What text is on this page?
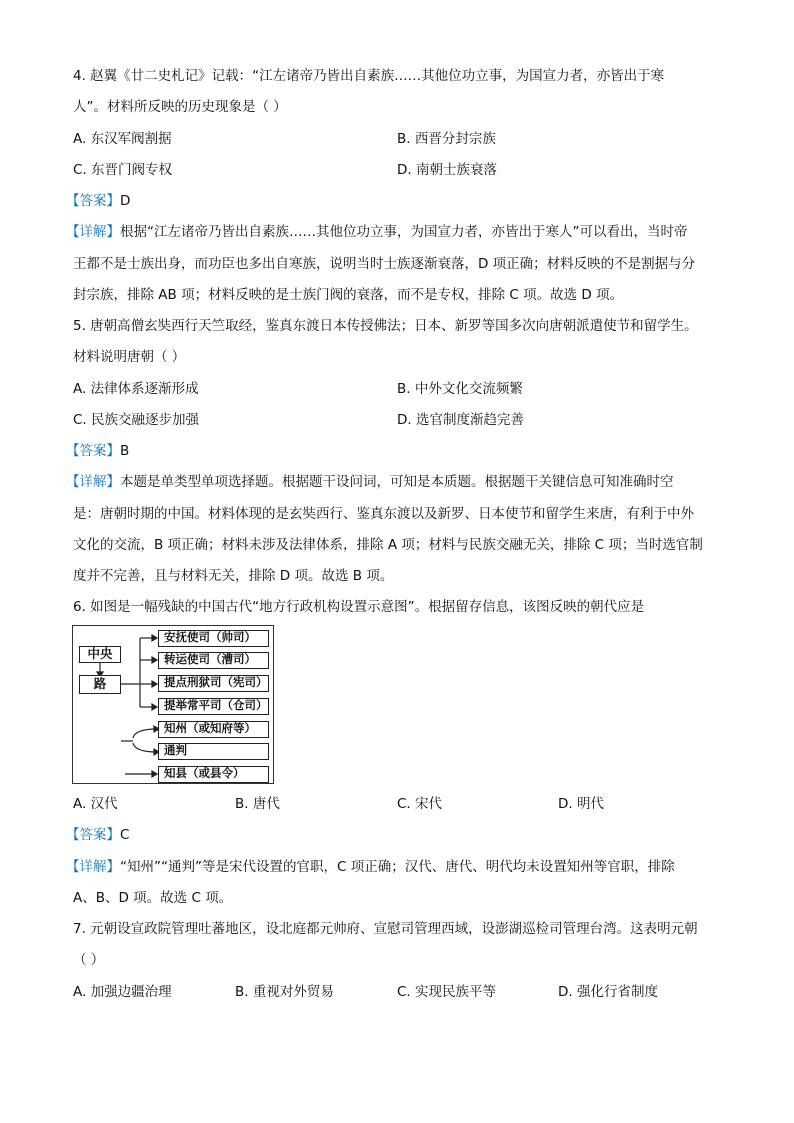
4. 赵翼《廿二史札记》记载：“江左诸帝乃皆出自素族……其他位功立事，为国宣力者，亦皆出于寒
人”。材料所反映的历史现象是（ ）
A. 东汉军阀割据	B. 西晋分封宗族
C. 东晋门阀专权	D. 南朝士族衰落
【答案】D
【详解】根据“江左诸帝乃皆出自素族……其他位功立事，为国宣力者，亦皆出于寒人”可以看出，当时帝
王都不是士族出身，而功臣也多出自寒族，说明当时士族逐渐衰落，D 项正确；材料反映的不是割据与分
封宗族，排除 AB 项；材料反映的是士族门阀的衰落，而不是专权，排除 C 项。故选 D 项。
5. 唐朝高僧玄奘西行天竺取经，鉴真东渡日本传授佛法；日本、新罗等国多次向唐朝派遣使节和留学生。
材料说明唐朝（ ）
A. 法律体系逐渐形成	B. 中外文化交流频繁
C. 民族交融逐步加强	D. 选官制度渐趋完善
【答案】B
【详解】本题是单类型单项选择题。根据题干设问词，可知是本质题。根据题干关键信息可知准确时空
是：唐朝时期的中国。材料体现的是玄奘西行、鉴真东渡以及新罗、日本使节和留学生来唐，有利于中外
文化的交流，B 项正确；材料未涉及法律体系，排除 A 项；材料与民族交融无关，排除 C 项；当时选官制
度并不完善，且与材料无关，排除 D 项。故选 B 项。
6. 如图是一幅残缺的中国古代“地方行政机构设置示意图”。根据留存信息，该图反映的朝代应是
中央
路
安抚使司（帅司）
转运使司（漕司）
提点刑狱司（宪司）
提举常平司（仓司）
知州（或知府等）
通判
知县（或县令）
A. 汉代	B. 唐代	C. 宋代	D. 明代
【答案】C
【详解】“知州”“通判”等是宋代设置的官职，C 项正确；汉代、唐代、明代均未设置知州等官职，排除
A、B、D 项。故选 C 项。
7. 元朝设宣政院管理吐蕃地区，设北庭都元帅府、宣慰司管理西域，设澎湖巡检司管理台湾。这表明元朝
（ ）
A. 加强边疆治理	B. 重视对外贸易	C. 实现民族平等	D. 强化行省制度
